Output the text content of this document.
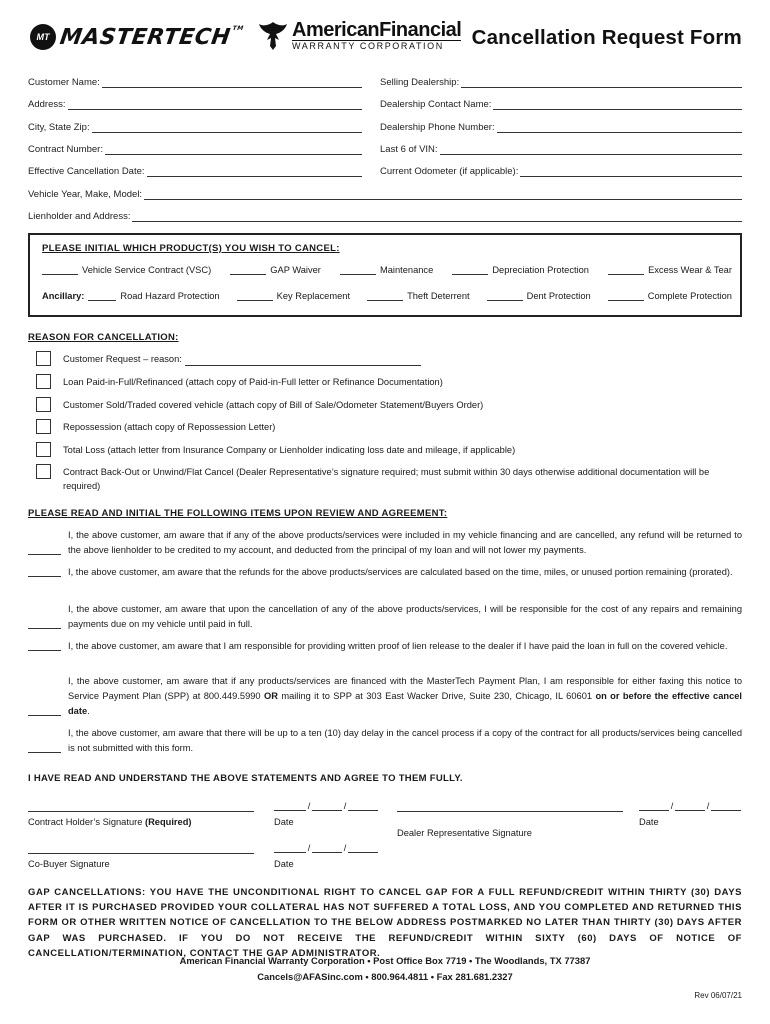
MT MASTERTECH™ AmericanFinancial
WARRANTY CORPORATION	Cancellation Request Form
Customer Name:
Address:
City, State Zip:
Contract Number:
Effective Cancellation Date:
Selling Dealership:
Dealership Contact Name:
Dealership Phone Number:
Last 6 of VIN:
Current Odometer (if applicable):
Vehicle Year, Make, Model:
Lienholder and Address:
PLEASE INITIAL WHICH PRODUCT(S) YOU WISH TO CANCEL:
Vehicle Service Contract (VSC)	GAP Waiver	Maintenance	Depreciation Protection	Excess Wear & Tear
Ancillary:	Road Hazard Protection	Key Replacement	Theft Deterrent	Dent Protection	Complete Protection
REASON FOR CANCELLATION:
Customer Request – reason:
Loan Paid-in-Full/Refinanced (attach copy of Paid-in-Full letter or Refinance Documentation)
Customer Sold/Traded covered vehicle (attach copy of Bill of Sale/Odometer Statement/Buyers Order)
Repossession (attach copy of Repossession Letter)
Total Loss (attach letter from Insurance Company or Lienholder indicating loss date and mileage, if applicable)
Contract Back-Out or Unwind/Flat Cancel (Dealer Representative’s signature required; must submit within 30 days otherwise additional documentation will be required)
PLEASE READ AND INITIAL THE FOLLOWING ITEMS UPON REVIEW AND AGREEMENT:
I, the above customer, am aware that if any of the above products/services were included in my vehicle financing and are cancelled, any refund will be returned to the above lienholder to be credited to my account, and deducted from the principal of my loan and will not lower my payments.
I, the above customer, am aware that the refunds for the above products/services are calculated based on the time, miles, or unused portion remaining (prorated).
I, the above customer, am aware that upon the cancellation of any of the above products/services, I will be responsible for the cost of any repairs and remaining payments due on my vehicle until paid in full.
I, the above customer, am aware that I am responsible for providing written proof of lien release to the dealer if I have paid the loan in full on the covered vehicle.
I, the above customer, am aware that if any products/services are financed with the MasterTech Payment Plan, I am responsible for either faxing this notice to Service Payment Plan (SPP) at 800.449.5990 OR mailing it to SPP at 303 East Wacker Drive, Suite 230, Chicago, IL 60601 on or before the effective cancel date.
I, the above customer, am aware that there will be up to a ten (10) day delay in the cancel process if a copy of the contract for all products/services being cancelled is not submitted with this form.
I HAVE READ AND UNDERSTAND THE ABOVE STATEMENTS AND AGREE TO THEM FULLY.
Contract Holder’s Signature (Required)
/	/
Date
Dealer Representative Signature
/	/
Date
Co-Buyer Signature
/	/
Date
GAP CANCELLATIONS: YOU HAVE THE UNCONDITIONAL RIGHT TO CANCEL GAP FOR A FULL REFUND/CREDIT WITHIN THIRTY (30) DAYS AFTER IT IS PURCHASED PROVIDED YOUR COLLATERAL HAS NOT SUFFERED A TOTAL LOSS, AND YOU COMPLETED AND RETURNED THIS FORM OR OTHER WRITTEN NOTICE OF CANCELLATION TO THE BELOW ADDRESS POSTMARKED NO LATER THAN THIRTY (30) DAYS AFTER GAP WAS PURCHASED. IF YOU DO NOT RECEIVE THE REFUND/CREDIT WITHIN SIXTY (60) DAYS OF NOTICE OF CANCELLATION/TERMINATION, CONTACT THE GAP ADMINISTRATOR.
American Financial Warranty Corporation • Post Office Box 7719 • The Woodlands, TX 77387
Cancels@AFASinc.com • 800.964.4811 • Fax 281.681.2327
Rev 06/07/21
